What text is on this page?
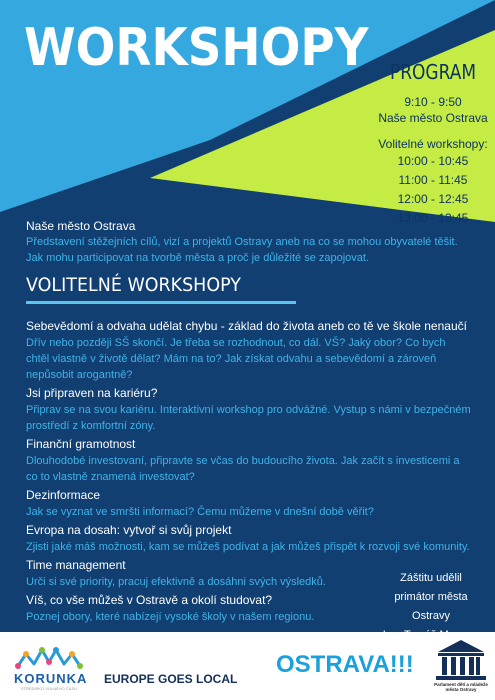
WORKSHOPY PROGRAM
9:10 - 9:50
Naše město Ostrava
Volitelné workshopy:
10:00 - 10:45
11:00 - 11:45
12:00 - 12:45
13:00 - 13:45
Naše město Ostrava
Představení stěžejních cílů, vizí a projektů Ostravy aneb na co se mohou obyvatelé těšit. Jak mohu participovat na tvorbě města a proč je důležité se zapojovat.
VOLITELNÉ WORKSHOPY
Sebevědomí a odvaha udělat chybu - základ do života aneb co tě ve škole nenaučí
Dřív nebo později SŠ skončí. Je třeba se rozhodnout, co dál. VŠ? Jaký obor? Co bych chtěl vlastně v životě dělat? Mám na to? Jak získat odvahu a sebevědomí a zároveň nepůsobit arogantně?
Jsi připraven na kariéru?
Připrav se na svou kariéru. Interaktivní workshop pro odvážné. Vystup s námi v bezpečném prostředí z komfortní zóny.
Finanční gramotnost
Dlouhodobé investovaní, připravte se včas do budoucího života. Jak začít s investicemi a co to vlastně znamená investovat?
Dezinformace
Jak se vyznat ve smršti informací? Čemu můžeme v dnešní době věřit?
Evropa na dosah: vytvoř si svůj projekt
Zjisti jaké máš možnosti, kam se můžeš podívat a jak můžeš přispět k rozvoji své komunity.
Time management
Urči si své priority, pracuj efektivně a dosáhni svých výsledků.
Víš, co vše můžeš v Ostravě a okolí studovat?
Poznej obory, které nabízejí vysoké školy v našem regionu.
Záštitu udělil
primátor města Ostravy
KORUNKA
STŘEDISKO VOLNÉHO ČASU
EUROPE GOES LOCAL
OSTRAVA!!!
Parlament dětí a mládeže města Ostravy
